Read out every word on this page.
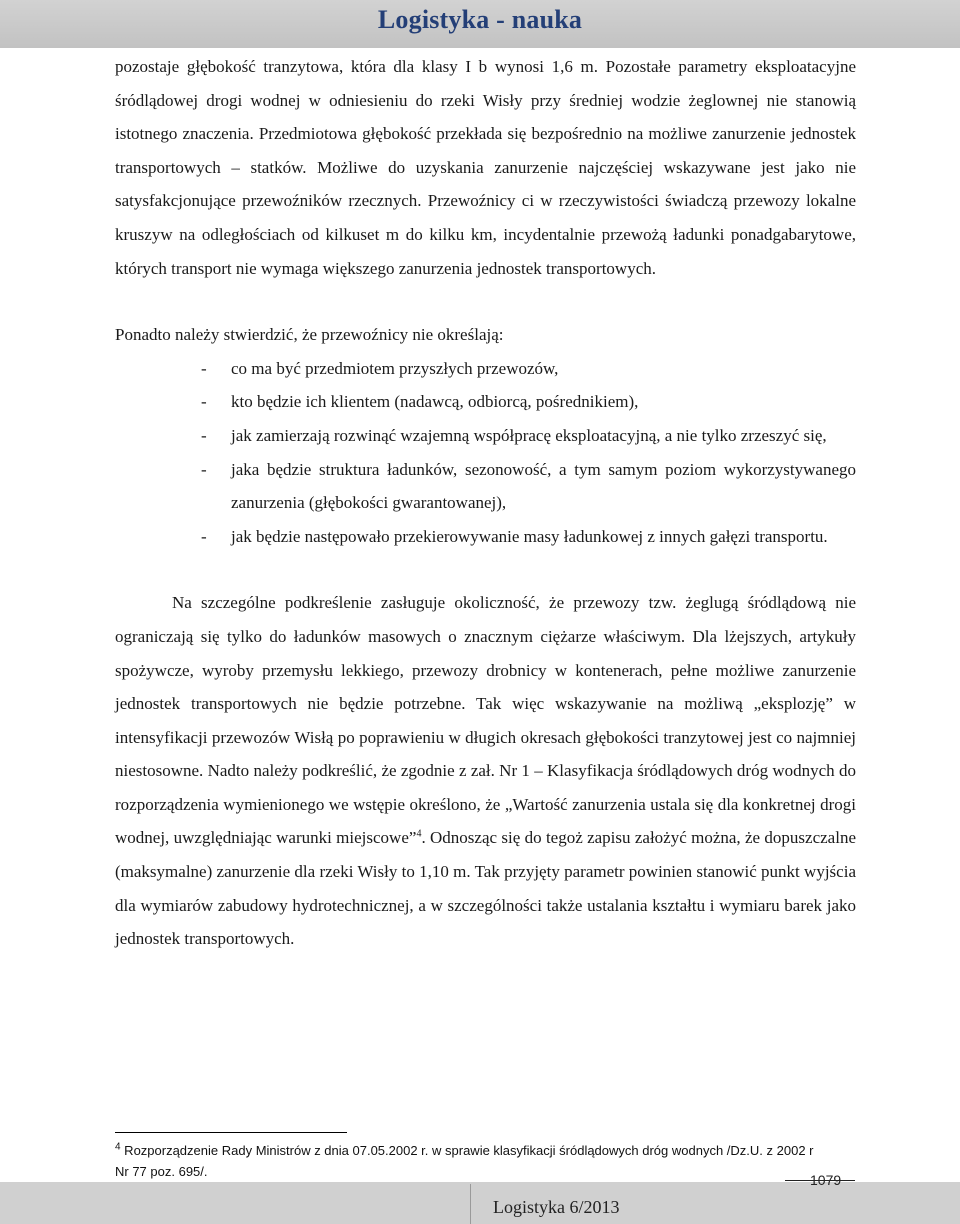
Logistyka - nauka

pozostaje głębokość tranzytowa, która dla klasy I b wynosi 1,6 m. Pozostałe parametry eksploatacyjne śródlądowej drogi wodnej w odniesieniu do rzeki Wisły przy średniej wodzie żeglownej nie stanowią istotnego znaczenia. Przedmiotowa głębokość przekłada się bezpośrednio na możliwe zanurzenie jednostek transportowych – statków. Możliwe do uzyskania zanurzenie najczęściej wskazywane jest jako nie satysfakcjonujące przewoźników rzecznych. Przewoźnicy ci w rzeczywistości świadczą przewozy lokalne kruszyw na odległościach od kilkuset m do kilku km, incydentalnie przewożą ładunki ponadgabarytowe, których transport nie wymaga większego zanurzenia jednostek transportowych.

Ponadto należy stwierdzić, że przewoźnicy nie określają:

- co ma być przedmiotem przyszłych przewozów,
- kto będzie ich klientem (nadawcą, odbiorcą, pośrednikiem),
- jak zamierzają rozwinąć wzajemną współpracę eksploatacyjną, a nie tylko zrzeszyć się,
- jaka będzie struktura ładunków, sezonowość, a tym samym poziom wykorzystywanego zanurzenia (głębokości gwarantowanej),
- jak będzie następowało przekierowywanie masy ładunkowej z innych gałęzi transportu.

Na szczególne podkreślenie zasługuje okoliczność, że przewozy tzw. żeglugą śródlądową nie ograniczają się tylko do ładunków masowych o znacznym ciężarze właściwym. Dla lżejszych, artykuły spożywcze, wyroby przemysłu lekkiego, przewozy drobnicy w kontenerach, pełne możliwe zanurzenie jednostek transportowych nie będzie potrzebne. Tak więc wskazywanie na możliwą „eksplozję” w intensyfikacji przewozów Wisłą po poprawieniu w długich okresach głębokości tranzytowej jest co najmniej niestosowne. Nadto należy podkreślić, że zgodnie z zał. Nr 1 – Klasyfikacja śródlądowych dróg wodnych do rozporządzenia wymienionego we wstępie określono, że „Wartość zanurzenia ustala się dla konkretnej drogi wodnej, uwzględniając warunki miejscowe”$^4$. Odnosząc się do tegoż zapisu założyć można, że dopuszczalne (maksymalne) zanurzenie dla rzeki Wisły to 1,10 m. Tak przyjęty parametr powinien stanowić punkt wyjścia dla wymiarów zabudowy hydrotechnicznej, a w szczególności także ustalania kształtu i wymiaru barek jako jednostek transportowych.

$^4$ Rozporządzenie Rady Ministrów z dnia 07.05.2002 r. w sprawie klasyfikacji śródlądowych dróg wodnych /Dz.U. z 2002 r Nr 77 poz. 695/.
Logistyka 6/2013
1079
